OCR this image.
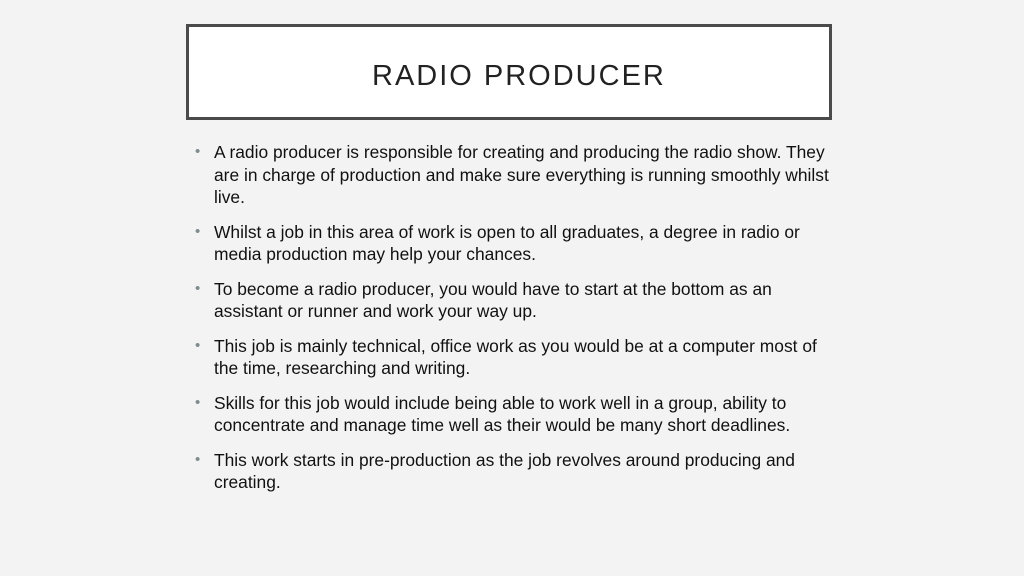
RADIO PRODUCER
• A radio producer is responsible for creating and producing the radio show. They are in charge of production and make sure everything is running smoothly whilst live.
• Whilst a job in this area of work is open to all graduates, a degree in radio or media production may help your chances.
• To become a radio producer, you would have to start at the bottom as an assistant or runner and work your way up.
• This job is mainly technical, office work as you would be at a computer most of the time, researching and writing.
• Skills for this job would include being able to work well in a group, ability to concentrate and manage time well as their would be many short deadlines.
• This work starts in pre-production as the job revolves around producing and creating.
